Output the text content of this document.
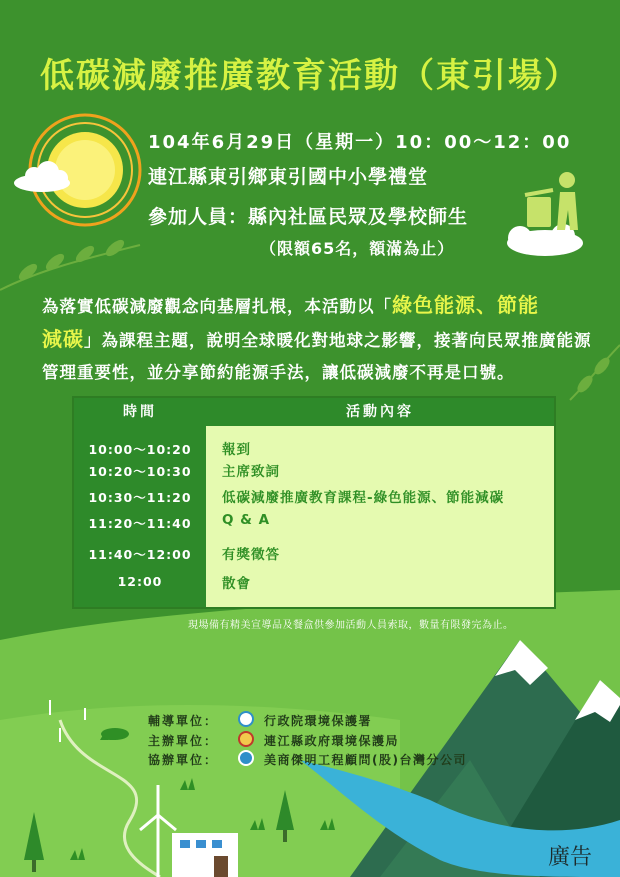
低碳減廢推廣教育活動（東引場）
104年6月29日（星期一）10：00～12：00
連江縣東引鄉東引國中小學禮堂
參加人員：縣內社區民眾及學校師生
（限額65名，額滿為止）
為落實低碳減廢觀念向基層扎根，本活動以「綠色能源、節能
減碳」為課程主題，說明全球暖化對地球之影響，接著向民眾推廣能源管理重要性，並分享節約能源手法，讓低碳減廢不再是口號。
時間	活動內容
10:00～10:20	報到
10:20～10:30	主席致詞
10:30～11:20	低碳減廢推廣教育課程-綠色能源、節能減碳
11:20～11:40	Q & A
11:40～12:00	有獎徵答
12:00	散會
現場備有精美宣導品及餐盒供參加活動人員索取，數量有限發完為止。
輔導單位：	行政院環境保護署
主辦單位：	連江縣政府環境保護局
協辦單位：	美商傑明工程顧問(股)台灣分公司
廣告
